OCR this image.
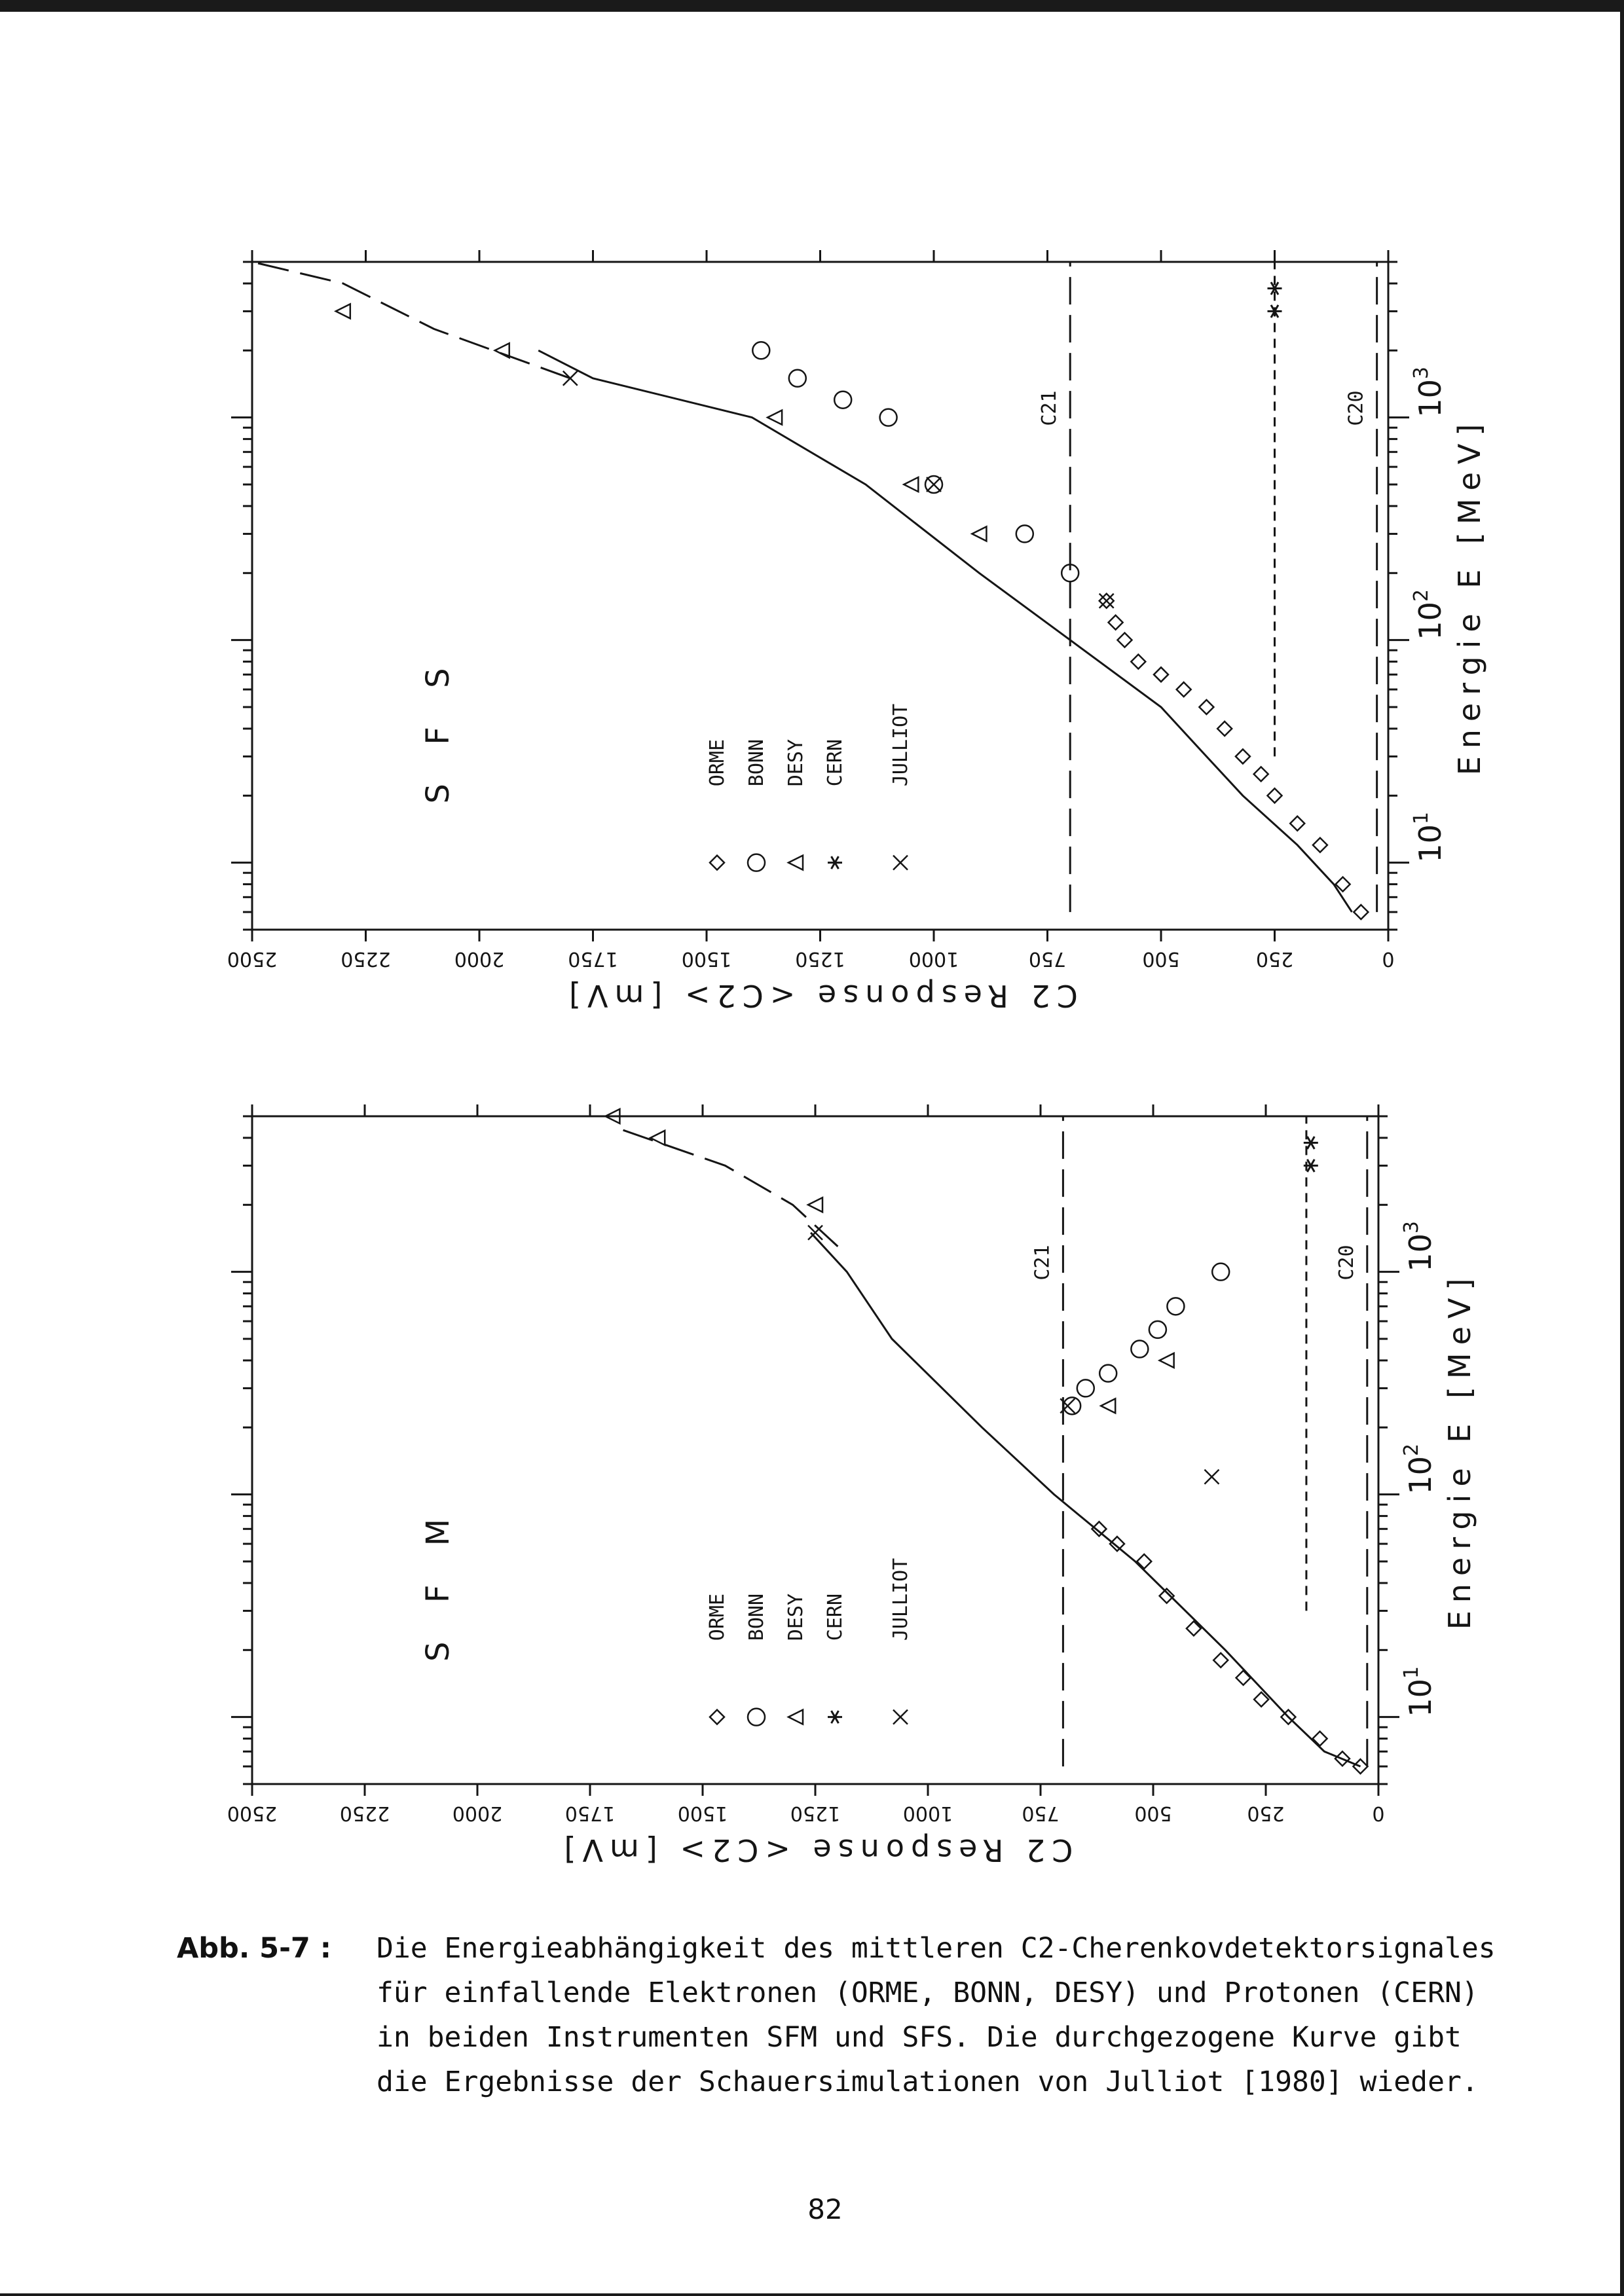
0
250
500
750
1000
1250
1500
1750
2000
2250
2500
$10^1$
$10^2$
$10^3$
C2 Response <C2> [mV]
Energie E [MeV]
S F M	ORME BONN DESY CERN JULLIOT
C21	C20
0
250
500
750
1000
1250
1500
1750
2000
2250
2500
$10^1$
$10^2$
$10^3$
C2 Response <C2> [mV]
Energie E [MeV]
S F S	ORME BONN DESY CERN JULLIOT
C21	C20
Abb. 5-7 : Die Energieabhängigkeit des mittleren C2-Cherenkovdetektorsignales
für einfallende Elektronen (ORME, BONN, DESY) und Protonen (CERN)
in beiden Instrumenten SFM und SFS. Die durchgezogene Kurve gibt
die Ergebnisse der Schauersimulationen von Julliot [1980] wieder.
82
